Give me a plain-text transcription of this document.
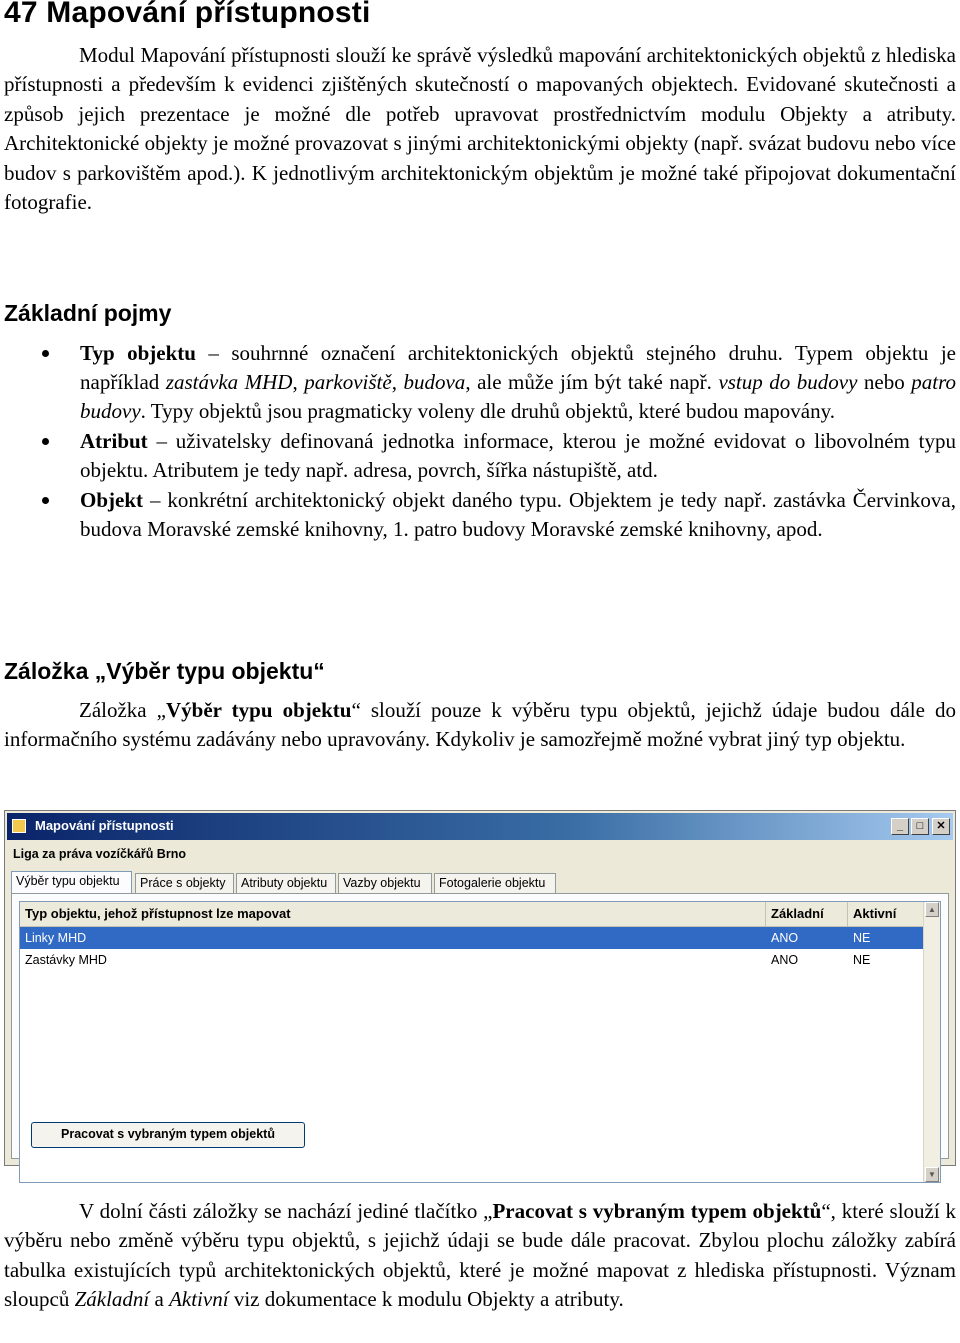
47 Mapování přístupnosti

Modul Mapování přístupnosti slouží ke správě výsledků mapování architektonických objektů z hlediska přístupnosti a především k evidenci zjištěných skutečností o mapovaných objektech. Evidované skutečnosti a způsob jejich prezentace je možné dle potřeb upravovat prostřednictvím modulu Objekty a atributy. Architektonické objekty je možné provazovat s jinými architektonickými objekty (např. svázat budovu nebo více budov s parkovištěm apod.). K jednotlivým architektonickým objektům je možné také připojovat dokumentační fotografie.

Základní pojmy
Typ objektu – souhrnné označení architektonických objektů stejného druhu. Typem objektu je například zastávka MHD, parkoviště, budova, ale může jím být také např. vstup do budovy nebo patro budovy. Typy objektů jsou pragmaticky voleny dle druhů objektů, které budou mapovány.
Atribut – uživatelsky definovaná jednotka informace, kterou je možné evidovat o libovolném typu objektu. Atributem je tedy např. adresa, povrch, šířka nástupiště, atd.
Objekt – konkrétní architektonický objekt daného typu. Objektem je tedy např. zastávka Červinkova, budova Moravské zemské knihovny, 1. patro budovy Moravské zemské knihovny, apod.
Záložka „Výběr typu objektu“

Záložka „Výběr typu objektu“ slouží pouze k výběru typu objektů, jejichž údaje budou dále do informačního systému zadávány nebo upravovány. Kdykoliv je samozřejmě možné vybrat jiný typ objektu.

Mapování přístupnosti	_	□	✕
Liga za práva vozíčkářů Brno
Výběr typu objektu	Práce s objekty	Atributy objektu	Vazby objektu	Fotogalerie objektu
Typ objektu, jehož přístupnost lze mapovat	Základní	Aktivní
Linky MHD	ANO	NE
Zastávky MHD	ANO	NE
▲
▼
Pracovat s vybraným typem objektů

V dolní části záložky se nachází jediné tlačítko „Pracovat s vybraným typem objektů“, které slouží k výběru nebo změně výběru typu objektů, s jejichž údaji se bude dále pracovat. Zbylou plochu záložky zabírá tabulka existujících typů architektonických objektů, které je možné mapovat z hlediska přístupnosti. Význam sloupců Základní a Aktivní viz dokumentace k modulu Objekty a atributy.
